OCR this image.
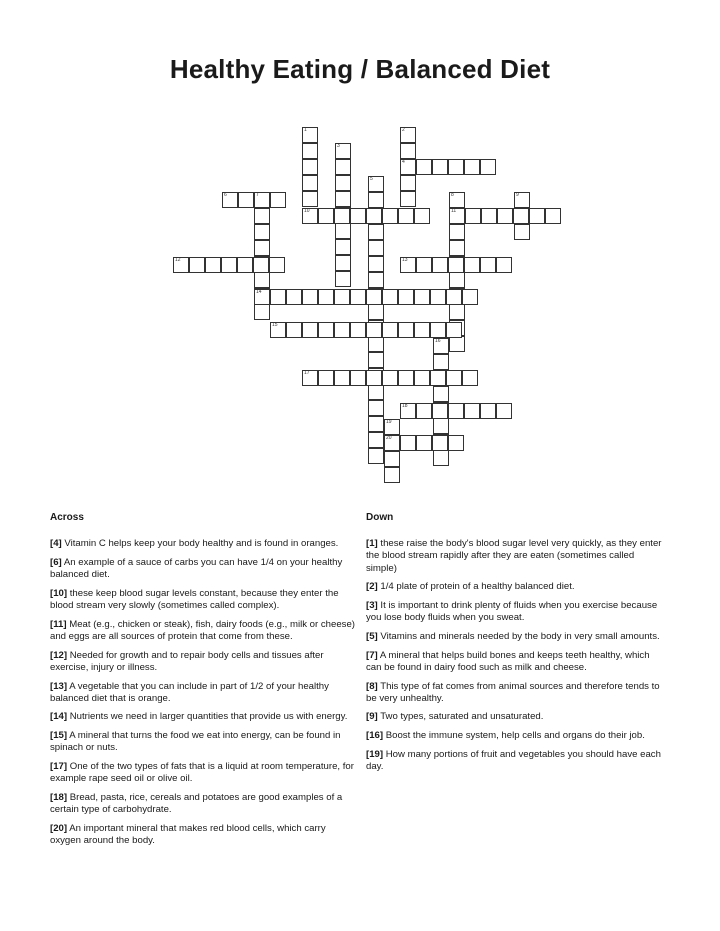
Healthy Eating / Balanced Diet
1	2
4
3
5
6	7	8
11
9
10
12	13
14
15
16
17
18
19
20
Across
[4] Vitamin C helps keep your body healthy and is found in oranges.
[6] An example of a sauce of carbs you can have 1/4 on your healthy balanced diet.
[10] these keep blood sugar levels constant, because they enter the blood stream very slowly (sometimes called complex).
[11] Meat (e.g., chicken or steak), fish, dairy foods (e.g., milk or cheese) and eggs are all sources of protein that come from these.
[12] Needed for growth and to repair body cells and tissues after exercise, injury or illness.
[13] A vegetable that you can include in part of 1/2 of your healthy balanced diet that is orange.
[14] Nutrients we need in larger quantities that provide us with energy.
[15] A mineral that turns the food we eat into energy, can be found in spinach or nuts.
[17] One of the two types of fats that is a liquid at room temperature, for example rape seed oil or olive oil.
[18] Bread, pasta, rice, cereals and potatoes are good examples of a certain type of carbohydrate.
[20] An important mineral that makes red blood cells, which carry oxygen around the body.
Down
[1] these raise the body's blood sugar level very quickly, as they enter the blood stream rapidly after they are eaten (sometimes called simple)
[2] 1/4 plate of protein of a healthy balanced diet.
[3] It is important to drink plenty of fluids when you exercise because you lose body fluids when you sweat.
[5] Vitamins and minerals needed by the body in very small amounts.
[7] A mineral that helps build bones and keeps teeth healthy, which can be found in dairy food such as milk and cheese.
[8] This type of fat comes from animal sources and therefore tends to be very unhealthy.
[9] Two types, saturated and unsaturated.
[16] Boost the immune system, help cells and organs do their job.
[19] How many portions of fruit and vegetables you should have each day.
